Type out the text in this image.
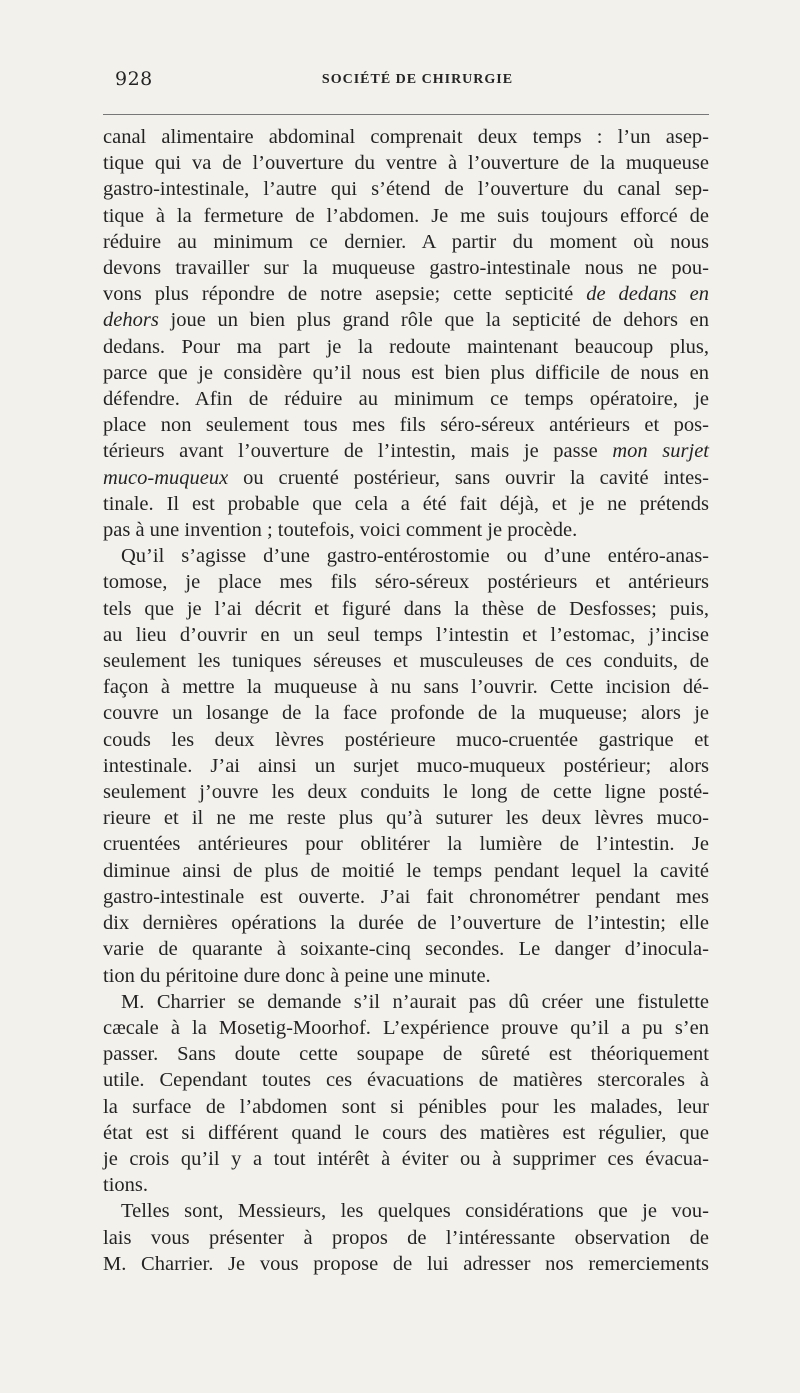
928	SOCIÉTÉ DE CHIRURGIE
canal alimentaire abdominal comprenait deux temps : l’un asep-
tique qui va de l’ouverture du ventre à l’ouverture de la muqueuse
gastro-intestinale, l’autre qui s’étend de l’ouverture du canal sep-
tique à la fermeture de l’abdomen. Je me suis toujours efforcé de
réduire au minimum ce dernier. A partir du moment où nous
devons travailler sur la muqueuse gastro-intestinale nous ne pou-
vons plus répondre de notre asepsie; cette septicité de dedans en
dehors joue un bien plus grand rôle que la septicité de dehors en
dedans. Pour ma part je la redoute maintenant beaucoup plus,
parce que je considère qu’il nous est bien plus difficile de nous en
défendre. Afin de réduire au minimum ce temps opératoire, je
place non seulement tous mes fils séro-séreux antérieurs et pos-
térieurs avant l’ouverture de l’intestin, mais je passe mon surjet
muco-muqueux ou cruenté postérieur, sans ouvrir la cavité intes-
tinale. Il est probable que cela a été fait déjà, et je ne prétends
pas à une invention ; toutefois, voici comment je procède.
Qu’il s’agisse d’une gastro-entérostomie ou d’une entéro-anas-
tomose, je place mes fils séro-séreux postérieurs et antérieurs
tels que je l’ai décrit et figuré dans la thèse de Desfosses; puis,
au lieu d’ouvrir en un seul temps l’intestin et l’estomac, j’incise
seulement les tuniques séreuses et musculeuses de ces conduits, de
façon à mettre la muqueuse à nu sans l’ouvrir. Cette incision dé-
couvre un losange de la face profonde de la muqueuse; alors je
couds les deux lèvres postérieure muco-cruentée gastrique et
intestinale. J’ai ainsi un surjet muco-muqueux postérieur; alors
seulement j’ouvre les deux conduits le long de cette ligne posté-
rieure et il ne me reste plus qu’à suturer les deux lèvres muco-
cruentées antérieures pour oblitérer la lumière de l’intestin. Je
diminue ainsi de plus de moitié le temps pendant lequel la cavité
gastro-intestinale est ouverte. J’ai fait chronométrer pendant mes
dix dernières opérations la durée de l’ouverture de l’intestin; elle
varie de quarante à soixante-cinq secondes. Le danger d’inocula-
tion du péritoine dure donc à peine une minute.
M. Charrier se demande s’il n’aurait pas dû créer une fistulette
cæcale à la Mosetig-Moorhof. L’expérience prouve qu’il a pu s’en
passer. Sans doute cette soupape de sûreté est théoriquement
utile. Cependant toutes ces évacuations de matières stercorales à
la surface de l’abdomen sont si pénibles pour les malades, leur
état est si différent quand le cours des matières est régulier, que
je crois qu’il y a tout intérêt à éviter ou à supprimer ces évacua-
tions.
Telles sont, Messieurs, les quelques considérations que je vou-
lais vous présenter à propos de l’intéressante observation de
M. Charrier. Je vous propose de lui adresser nos remerciements
